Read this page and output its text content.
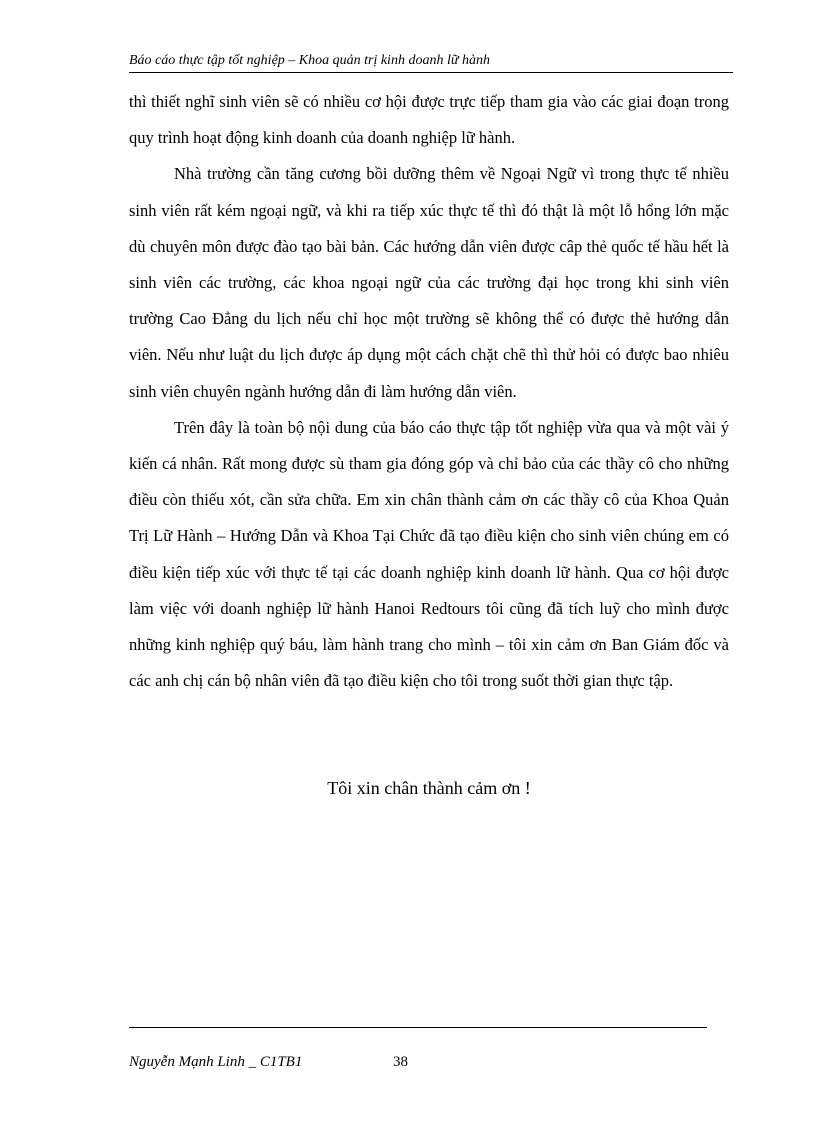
Báo cáo thực tập tốt nghiệp – Khoa quản trị kinh doanh lữ hành

thì thiết nghĩ sinh viên sẽ có nhiều cơ hội được trực tiếp tham gia vào các giai đoạn trong quy trình hoạt động kinh doanh của doanh nghiệp lữ hành.

Nhà trường cần tăng cương bồi dưỡng thêm về Ngoại Ngữ vì trong thực tế nhiều sinh viên rất kém ngoại ngữ, và khi ra tiếp xúc thực tế thì đó thật là một lỗ hổng lớn mặc dù chuyên môn được đào tạo bài bản. Các hướng dẫn viên được câp thẻ quốc tế hầu hết là sinh viên các trường, các khoa ngoại ngữ của các trường đại học trong khi sinh viên trường Cao Đẳng du lịch nếu chỉ học một trường sẽ không thể có được thẻ hướng dẫn viên. Nếu như luật du lịch được áp dụng một cách chặt chẽ thì thử hỏi có được bao nhiêu sinh viên chuyên ngành hướng dẫn đi làm hướng dẫn viên.

Trên đây là toàn bộ nội dung của báo cáo thực tập tốt nghiệp vừa qua và một vài ý kiến cá nhân. Rất mong được sù tham gia đóng góp và chỉ bảo của các thầy cô cho những điều còn thiếu xót, cần sửa chữa. Em xin chân thành cảm ơn các thầy cô của Khoa Quản Trị Lữ Hành – Hướng Dẫn và Khoa Tại Chức đã tạo điều kiện cho sinh viên chúng em có điều kiện tiếp xúc với thực tế tại các doanh nghiệp kinh doanh lữ hành. Qua cơ hội được làm việc với doanh nghiệp lữ hành Hanoi Redtours tôi cũng đã tích luỹ cho mình được những kinh nghiệp quý báu, làm hành trang cho mình – tôi xin cảm ơn Ban Giám đốc và các anh chị cán bộ nhân viên đã tạo điều kiện cho tôi trong suốt thời gian thực tập.

Tôi xin chân thành cảm ơn !
Nguyễn Mạnh Linh _ C1TB1	38
